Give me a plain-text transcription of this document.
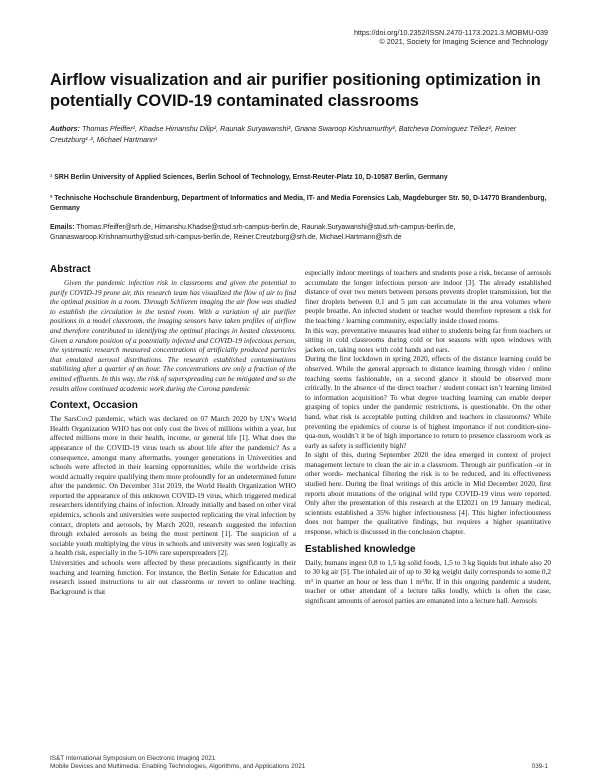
https://doi.org/10.2352/ISSN.2470-1173.2021.3.MOBMU-039
© 2021, Society for Imaging Science and Technology
Airflow visualization and air purifier positioning optimization in potentially COVID-19 contaminated classrooms
Authors: Thomas Pfeiffer¹, Khadse Himanshu Dilip², Raunak Suryawanshi², Gnana Swaroop Kishnamurthy², Batcheva Domínguez Téllez², Reiner Creutzburg¹·², Michael Hartmann¹
¹ SRH Berlin University of Applied Sciences, Berlin School of Technology, Ernst-Reuter-Platz 10, D-10587 Berlin, Germany
² Technische Hochschule Brandenburg, Department of Informatics and Media, IT- and Media Forensics Lab, Magdeburger Str. 50, D-14770 Brandenburg, Germany
Emails: Thomas.Pfeiffer@srh.de, Himanshu.Khadse@stud.srh-campus-berlin.de, Raunak.Suryawanshi@stud.srh-campus-berlin.de, Gnanaswaroop.Krishnamurthy@stud.srh-campus-berlin.de, Reiner.Creutzburg@srh.de, Michael.Hartmann@srh.de
Abstract

Given the pandemic infection risk in classrooms and given the potential to purify COVID-19 prone air, this research team has visualized the flow of air to find the optimal position in a room. Through Schlieren imaging the air flow was studied to establish the circulation in the tested room. With a variation of air purifier positions in a model classroom, the imaging sensors have taken profiles of airflow and therefore contributed to identifying the optimal placings in heated classrooms. Given a random position of a potentially infected and COVID-19 infectious person, the systematic research measured concentrations of artificially produced particles that emulated aerosol distributions. The research established contaminations stabilizing after a quarter of an hour. The concentrations are only a fraction of the emitted effluents. In this way, the risk of superspreading can be mitigated and so the results allow continued academic work during the Corona pandemic

Context, Occasion

The SarsCov2 pandemic, which was declared on 07 March 2020 by UN’s World Health Organization WHO has not only cost the lives of millions within a year, but affected millions more in their health, income, or general life [1]. What does the appearance of the COVID-19 virus teach us about life after the pandemic? As a consequence, amongst many aftermaths, younger generations in Universities and schools were affected in their learning opportunities, while the worldwide crisis would actually require qualifying them more profoundly for an undetermined future after the pandemic. On December 31st 2019, the World Health Organization WHO reported the appearance of this unknown COVID-19 virus, which triggered medical researchers identifying chains of infection. Already initially and based on other viral epidemics, schools and universities were suspected replicating the viral infection by contact, droplets and aerosols, by March 2020, research suggested the infection through exhaled aerosols as being the most pertinent [1]. The suspicion of a sociable youth multiplying the virus in schools and university was seen logically as a health risk, especially in the 5-10% rare superspreaders [2].

Universities and schools were affected by these precautions significantly in their teaching and learning function. For instance, the Berlin Senate for Education and research issued instructions to air out classrooms or revert to online teaching. Background is that

especially indoor meetings of teachers and students pose a risk, because of aerosols accumulate the longer infectious person are indoor [3]. The already established distance of over two meters between persons prevents droplet transmission, but the finer droplets between 0,1 and 5 µm can accumulate in the area volumes where people breathe. An infected student or teacher would therefore represent a risk for the teaching / learning community, especially inside closed rooms.

In this way, preventative measures lead either to students being far from teachers or sitting in cold classrooms during cold or hot seasons with open windows with jackets on, taking notes with cold hands and ears.

During the first lockdown in spring 2020, effects of the distance learning could be observed. While the general approach to distance learning through video / online teaching seems fashionable, on a second glance it should be observed more critically. In the absence of the direct teacher / student contact isn’t learning limited to information acquisition? To what degree teaching learning can enable deeper grasping of topics under the pandemic restrictions, is questionable. On the other hand, what risk is acceptable putting children and teachers in classrooms? While preventing the epidemics of course is of highest importance if not condition-sine-qua-non, wouldn’t it be of high importance to return to presence classroom work as early as safety is sufficiently high?

In sight of this, during September 2020 the idea emerged in context of project management lecture to clean the air in a classroom. Through air purification -or in other words- mechanical filtering the risk is to be reduced, and its effectiveness studied here. During the final writings of this article in Mid December 2020, first reports about mutations of the original wild type COVID-19 virus were reported. Only after the presentation of this research at the EI2021 on 19 January medical, scientists established a 35% higher infectiousness [4]. This higher infectiousness does not hamper the qualitative findings, but requires a higher quantitative response, which is discussed in the conclusion chapter.

Established knowledge

Daily, humans ingest 0,8 to 1,5 kg solid foods, 1,5 to 3 kg liquids but inhale also 20 to 30 kg air [5]. The inhaled air of up to 30 kg weight daily corresponds to some 0,2 m³ in quarter an hour or less than 1 m³/hr. If in this ongoing pandemic a student, teacher or other attendant of a lecture talks loudly, which is often the case, significant amounts of aerosol parties are emanated into a lecture hall. Aerosols

IS&T International Symposium on Electronic Imaging 2021
Mobile Devices and Multimedia: Enabling Technologies, Algorithms, and Applications 2021	039-1
